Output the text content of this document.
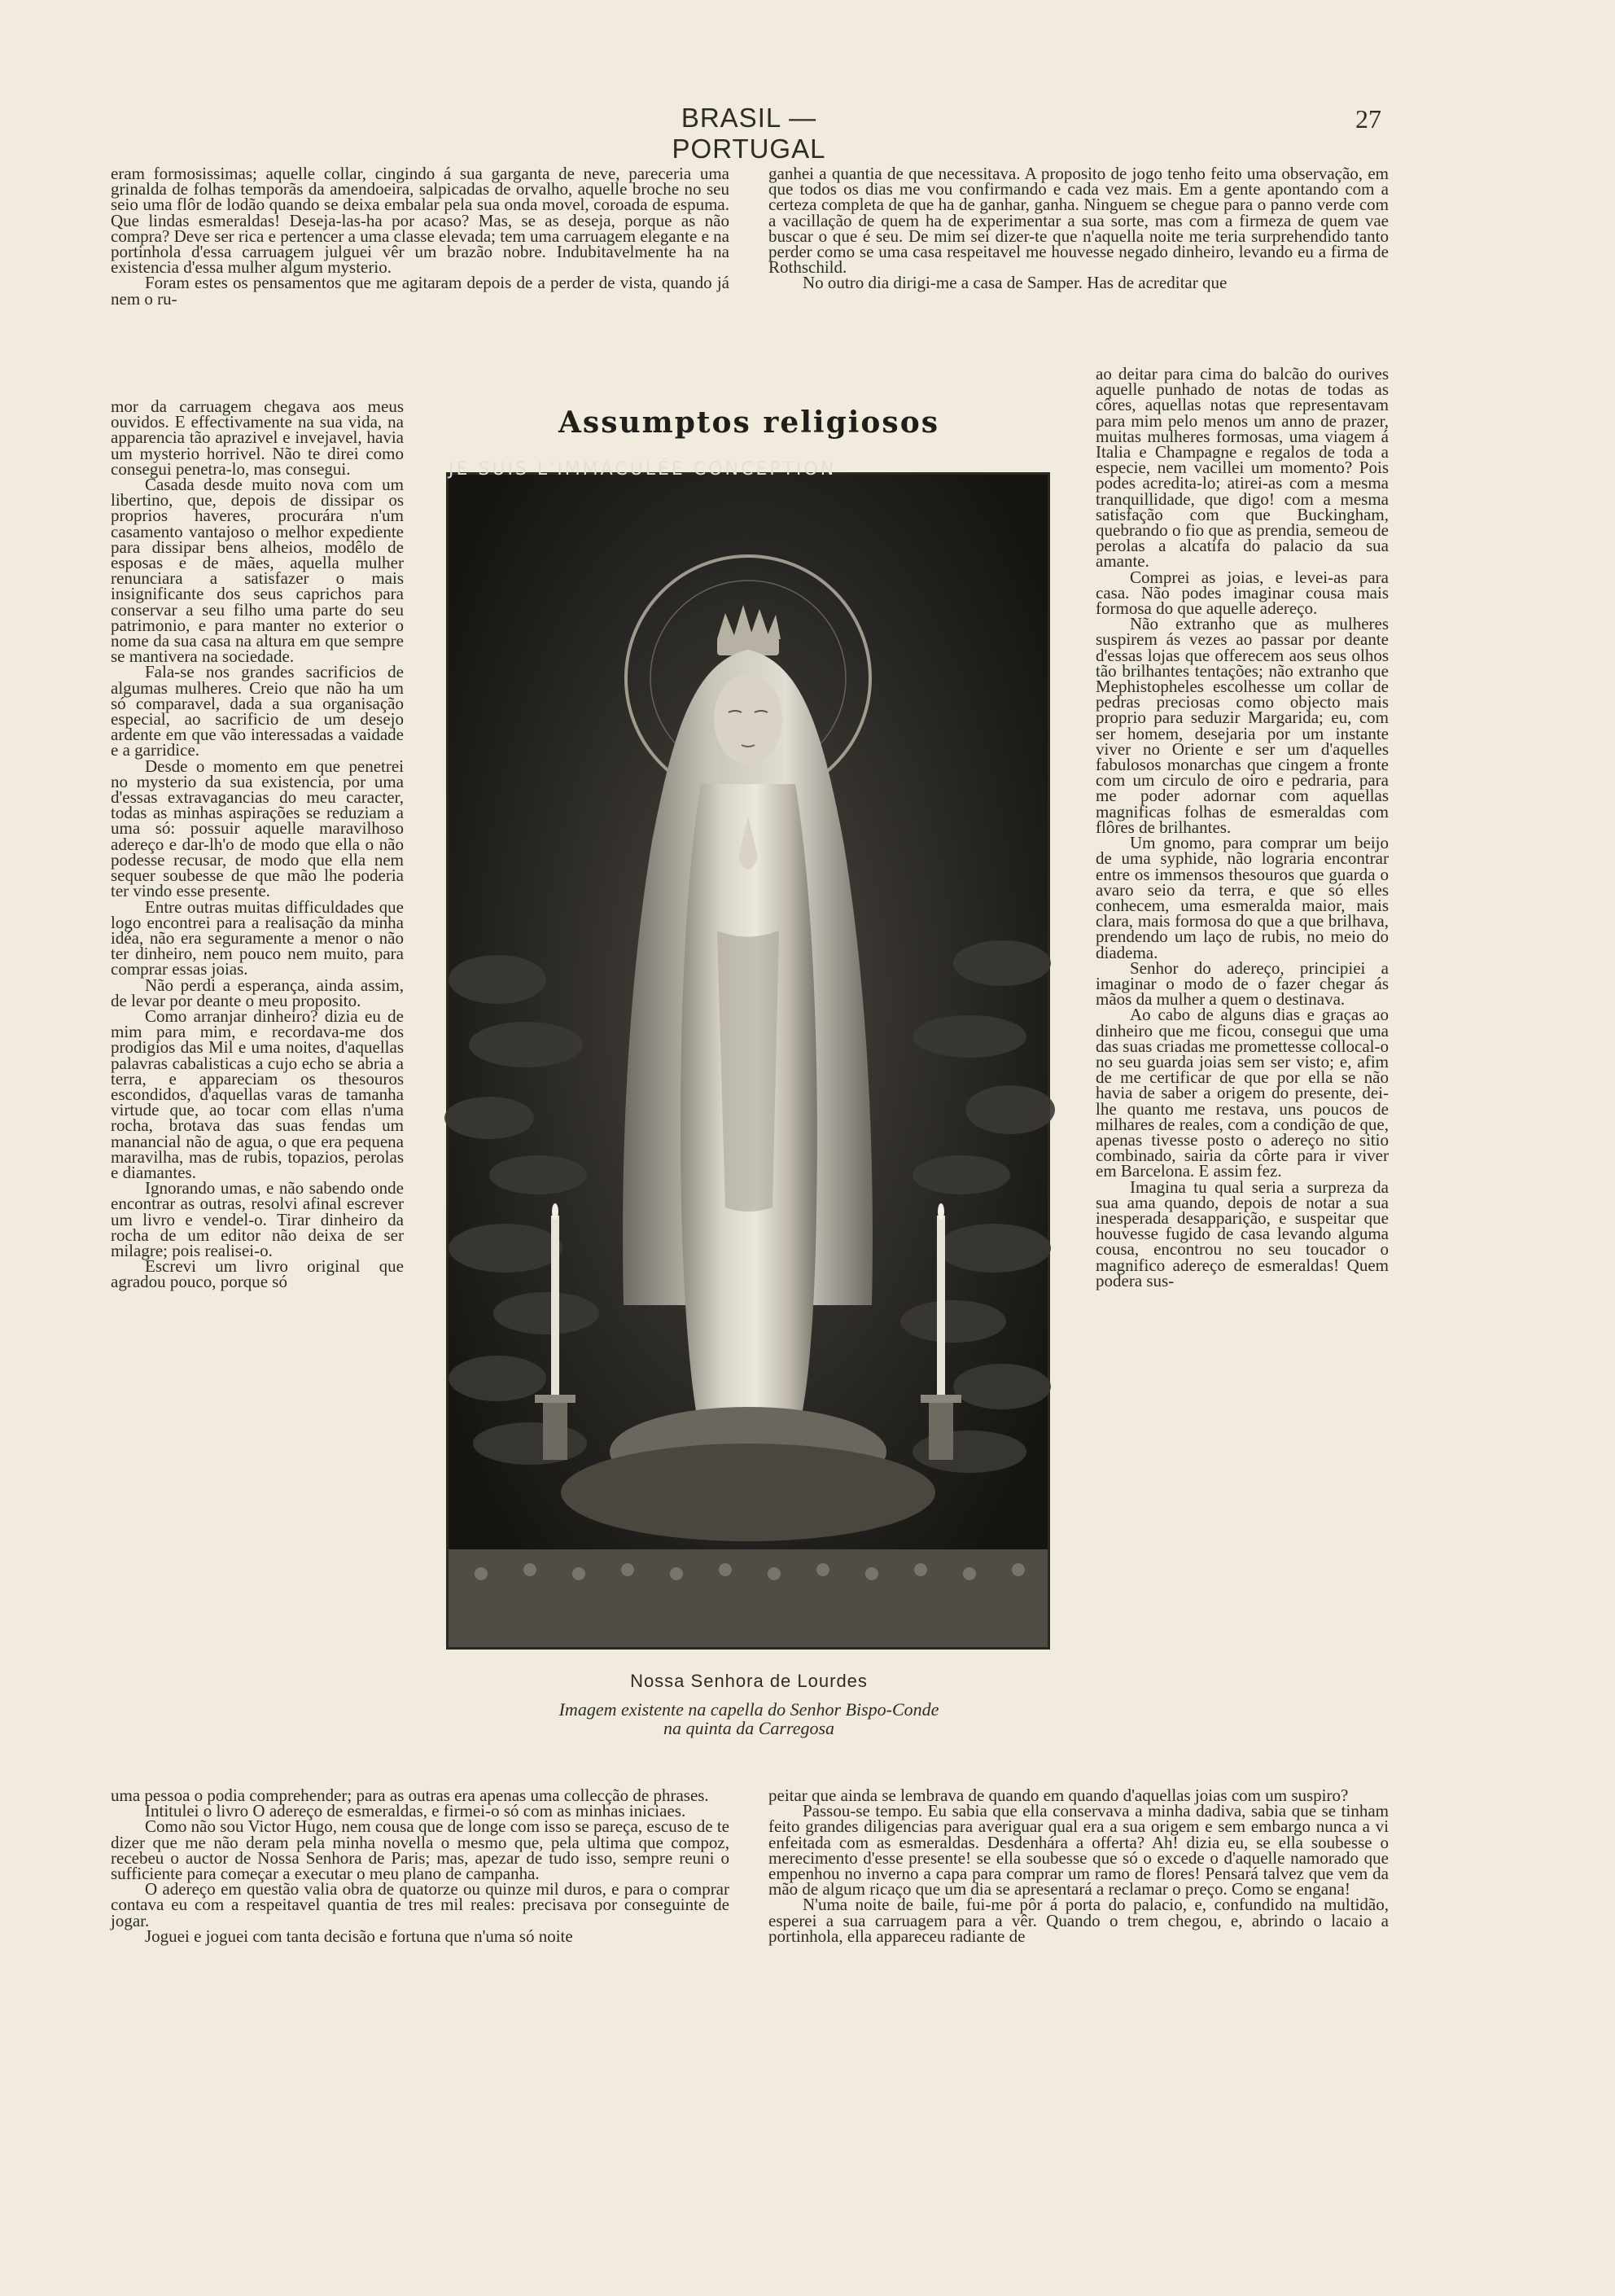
BRASIL — PORTUGAL
27

eram formosissimas; aquelle collar, cingindo á sua garganta de neve, pareceria uma grinalda de folhas temporãs da amendoeira, salpicadas de orvalho, aquelle broche no seu seio uma flôr de lodão quando se deixa embalar pela sua onda movel, coroada de espuma. Que lindas esmeraldas! Deseja-las-ha por acaso? Mas, se as deseja, porque as não compra? Deve ser rica e pertencer a uma classe elevada; tem uma carruagem elegante e na portinhola d'essa carruagem julguei vêr um brazão nobre. Indubitavelmente ha na existencia d'essa mulher algum mysterio.

Foram estes os pensamentos que me agitaram depois de a perder de vista, quando já nem o ru-

mor da carruagem chegava aos meus ouvidos. E effectivamente na sua vida, na apparencia tão aprazivel e invejavel, havia um mysterio horrivel. Não te direi como consegui penetra-lo, mas consegui.

Casada desde muito nova com um libertino, que, depois de dissipar os proprios haveres, procurára n'um casamento vantajoso o melhor expediente para dissipar bens alheios, modêlo de esposas e de mães, aquella mulher renunciara a satisfazer o mais insignificante dos seus caprichos para conservar a seu filho uma parte do seu patrimonio, e para manter no exterior o nome da sua casa na altura em que sempre se mantivera na sociedade.

Fala-se nos grandes sacrificios de algumas mulheres. Creio que não ha um só comparavel, dada a sua organisação especial, ao sacrificio de um desejo ardente em que vão interessadas a vaidade e a garridice.

Desde o momento em que penetrei no mysterio da sua existencia, por uma d'essas extravagancias do meu caracter, todas as minhas aspirações se reduziam a uma só: possuir aquelle maravilhoso adereço e dar-lh'o de modo que ella o não podesse recusar, de modo que ella nem sequer soubesse de que mão lhe poderia ter vindo esse presente.

Entre outras muitas difficuldades que logo encontrei para a realisação da minha idéa, não era seguramente a menor o não ter dinheiro, nem pouco nem muito, para comprar essas joias.

Não perdi a esperança, ainda assim, de levar por deante o meu proposito.

Como arranjar dinheiro? dizia eu de mim para mim, e recordava-me dos prodigios das Mil e uma noites, d'aquellas palavras cabalisticas a cujo echo se abria a terra, e appareciam os thesouros escondidos, d'aquellas varas de tamanha virtude que, ao tocar com ellas n'uma rocha, brotava das suas fendas um manancial não de agua, o que era pequena maravilha, mas de rubis, topazios, perolas e diamantes.

Ignorando umas, e não sabendo onde encontrar as outras, resolvi afinal escrever um livro e vendel-o. Tirar dinheiro da rocha de um editor não deixa de ser milagre; pois realisei-o.

Escrevi um livro original que agradou pouco, porque só

uma pessoa o podia comprehender; para as outras era apenas uma collecção de phrases.

Intitulei o livro O adereço de esmeraldas, e firmei-o só com as minhas iniciaes.

Como não sou Victor Hugo, nem cousa que de longe com isso se pareça, escuso de te dizer que me não deram pela minha novella o mesmo que, pela ultima que compoz, recebeu o auctor de Nossa Senhora de Paris; mas, apezar de tudo isso, sempre reuni o sufficiente para começar a executar o meu plano de campanha.

O adereço em questão valia obra de quatorze ou quinze mil duros, e para o comprar contava eu com a respeitavel quantia de tres mil reales: precisava por conseguinte de jogar.

Joguei e joguei com tanta decisão e fortuna que n'uma só noite

ganhei a quantia de que necessitava. A proposito de jogo tenho feito uma observação, em que todos os dias me vou confirmando e cada vez mais. Em a gente apontando com a certeza completa de que ha de ganhar, ganha. Ninguem se chegue para o panno verde com a vacillação de quem ha de experimentar a sua sorte, mas com a firmeza de quem vae buscar o que é seu. De mim sei dizer-te que n'aquella noite me teria surprehendido tanto perder como se uma casa respeitavel me houvesse negado dinheiro, levando eu a firma de Rothschild.

No outro dia dirigi-me a casa de Samper. Has de acreditar que

ao deitar para cima do balcão do ourives aquelle punhado de notas de todas as côres, aquellas notas que representavam para mim pelo menos um anno de prazer, muitas mulheres formosas, uma viagem á Italia e Champagne e regalos de toda a especie, nem vacillei um momento? Pois podes acredita-lo; atirei-as com a mesma tranquillidade, que digo! com a mesma satisfação com que Buckingham, quebrando o fio que as prendia, semeou de perolas a alcatifa do palacio da sua amante.

Comprei as joias, e levei-as para casa. Não podes imaginar cousa mais formosa do que aquelle adereço.

Não extranho que as mulheres suspirem ás vezes ao passar por deante d'essas lojas que offerecem aos seus olhos tão brilhantes tentações; não extranho que Mephistopheles escolhesse um collar de pedras preciosas como objecto mais proprio para seduzir Margarida; eu, com ser homem, desejaria por um instante viver no Oriente e ser um d'aquelles fabulosos monarchas que cingem a fronte com um circulo de oiro e pedraria, para me poder adornar com aquellas magnificas folhas de esmeraldas com flôres de brilhantes.

Um gnomo, para comprar um beijo de uma syphide, não lograria encontrar entre os immensos thesouros que guarda o avaro seio da terra, e que só elles conhecem, uma esmeralda maior, mais clara, mais formosa do que a que brilhava, prendendo um laço de rubis, no meio do diadema.

Senhor do adereço, principiei a imaginar o modo de o fazer chegar ás mãos da mulher a quem o destinava.

Ao cabo de alguns dias e graças ao dinheiro que me ficou, consegui que uma das suas criadas me promettesse collocal-o no seu guarda joias sem ser visto; e, afim de me certificar de que por ella se não havia de saber a origem do presente, dei-lhe quanto me restava, uns poucos de milhares de reales, com a condição de que, apenas tivesse posto o adereço no sitio combinado, sairia da côrte para ir viver em Barcelona. E assim fez.

Imagina tu qual seria a surpreza da sua ama quando, depois de notar a sua inesperada desapparição, e suspeitar que houvesse fugido de casa levando alguma cousa, encontrou no seu toucador o magnifico adereço de esmeraldas! Quem podera sus-

peitar que ainda se lembrava de quando em quando d'aquellas joias com um suspiro?

Passou-se tempo. Eu sabia que ella conservava a minha dadiva, sabia que se tinham feito grandes diligencias para averiguar qual era a sua origem e sem embargo nunca a vi enfeitada com as esmeraldas. Desdenhára a offerta? Ah! dizia eu, se ella soubesse o merecimento d'esse presente! se ella soubesse que só o excede o d'aquelle namorado que empenhou no inverno a capa para comprar um ramo de flores! Pensará talvez que vem da mão de algum ricaço que um dia se apresentará a reclamar o preço. Como se engana!

N'uma noite de baile, fui-me pôr á porta do palacio, e, confundido na multidão, esperei a sua carruagem para a vêr. Quando o trem chegou, e, abrindo o lacaio a portinhola, ella appareceu radiante de

Assumptos religiosos
JE SUIS L'IMMACULÉE CONCEPTION
Nossa Senhora de Lourdes
Imagem existente na capella do Senhor Bispo-Conde
na quinta da Carregosa
